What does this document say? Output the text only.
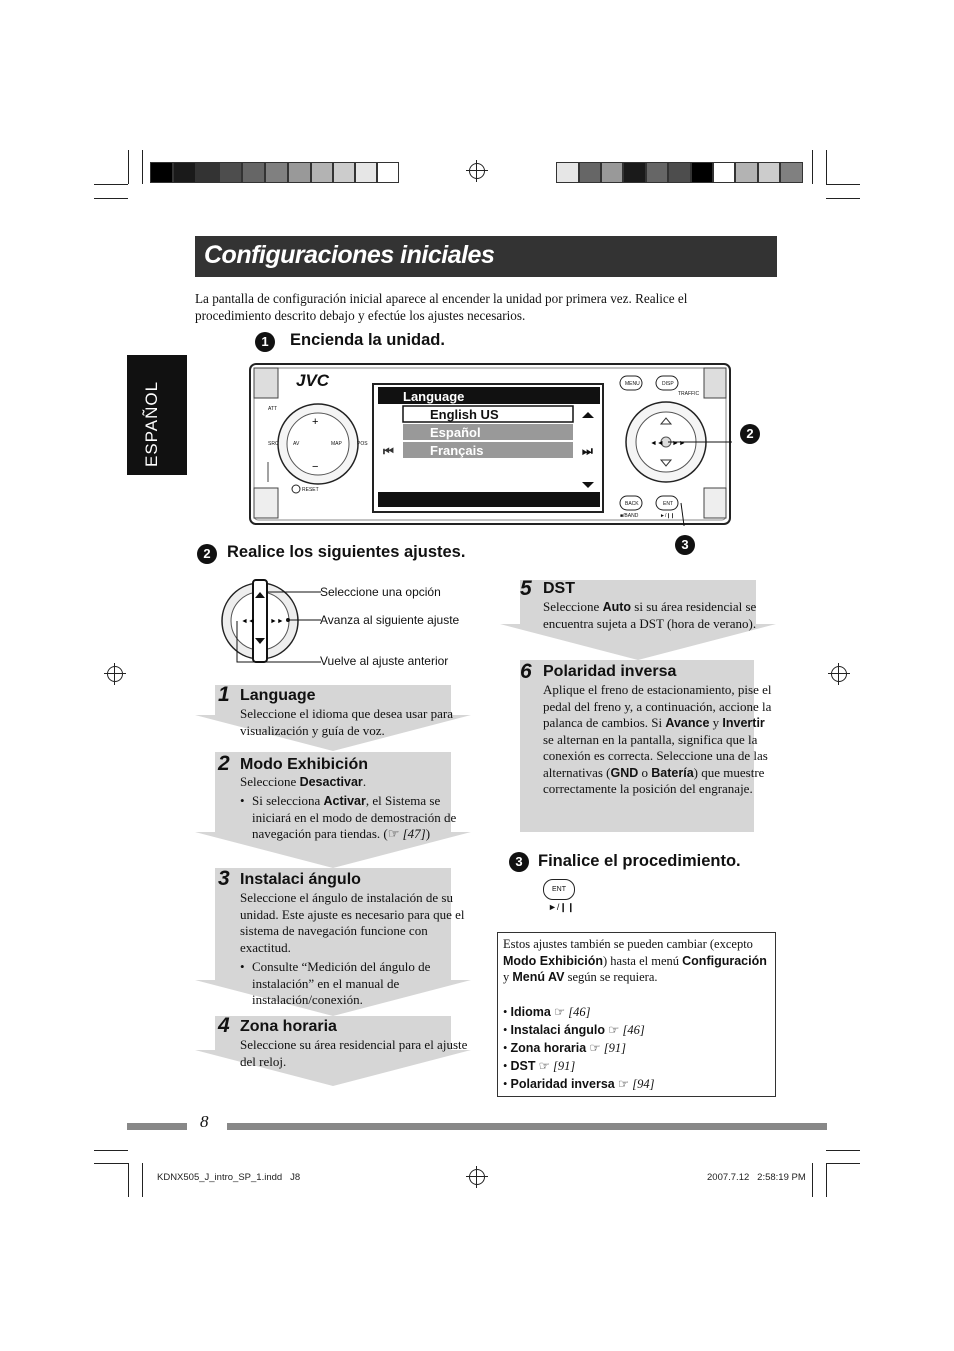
Configuraciones iniciales
La pantalla de configuración inicial aparece al encender la unidad por primera vez. Realice el procedimiento descrito debajo y efectúe los ajustes necesarios.
ESPAÑOL
1	Encienda la unidad.
⏭
⏮
+
−
◄◄ ►►
JVC
Language
English US
Español
Français
MENU	DISP
TRAFFIC
BACK	ENT
■/BAND	►/❙❙
SRC	AV	MAP	POS
ATT
RESET
2
3
2 Realice los siguientes ajustes.
◄◄ ►►
Seleccione una opción
Avanza al siguiente ajuste
Vuelve al ajuste anterior
1 Language
Seleccione el idioma que desea usar para visualización y guía de voz.
2 Modo Exhibición
Seleccione Desactivar.
• Si selecciona Activar, el Sistema se iniciará en el modo de demostración de navegación para tiendas. (☞ [47])
3 Instalaci ángulo
Seleccione el ángulo de instalación de su unidad. Este ajuste es necesario para que el sistema de navegación funcione con exactitud.
• Consulte “Medición del ángulo de instalación” en el manual de instalación/conexión.
4 Zona horaria
Seleccione su área residencial para el ajuste del reloj.
5 DST
Seleccione Auto si su área residencial se encuentra sujeta a DST (hora de verano).
6 Polaridad inversa
Aplique el freno de estacionamiento, pise el pedal del freno y, a continuación, accione la palanca de cambios. Si Avance y Invertir se alternan en la pantalla, significa que la conexión es correcta. Seleccione una de las alternativas (GND o Batería) que muestre correctamente la posición del engranaje.
3 Finalice el procedimiento.
ENT
►/❙❙
Estos ajustes también se pueden cambiar (excepto Modo Exhibición) hasta el menú Configuración y Menú AV según se requiera.
• Idioma ☞ [46]
• Instalaci ángulo ☞ [46]
• Zona horaria ☞ [91]
• DST ☞ [91]
• Polaridad inversa ☞ [94]
8
KDNX505_J_intro_SP_1.indd   J8	2007.7.12   2:58:19 PM
